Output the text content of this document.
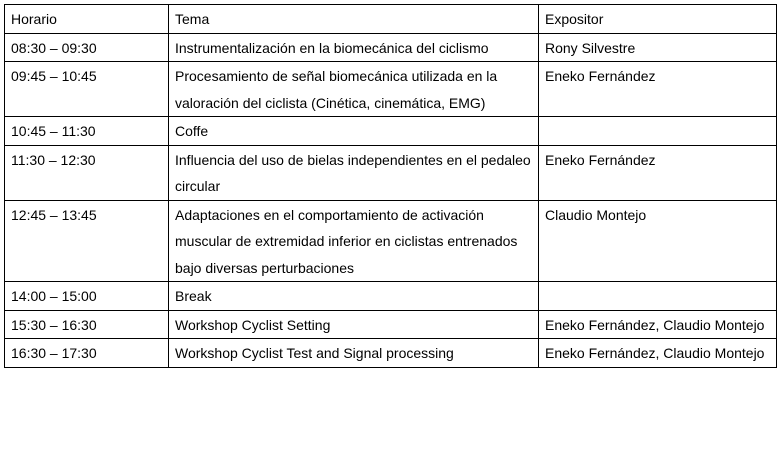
Horario	Tema	Expositor
08:30 – 09:30	Instrumentalización en la biomecánica del ciclismo	Rony Silvestre
09:45 – 10:45	Procesamiento de señal biomecánica utilizada en la valoración del ciclista (Cinética, cinemática, EMG)	Eneko Fernández
10:45 – 11:30	Coffe	
11:30 – 12:30	Influencia del uso de bielas independientes en el pedaleo circular	Eneko Fernández
12:45 – 13:45	Adaptaciones en el comportamiento de activación muscular de extremidad inferior en ciclistas entrenados bajo diversas perturbaciones	Claudio Montejo
14:00 – 15:00	Break	
15:30 – 16:30	Workshop Cyclist Setting	Eneko Fernández, Claudio Montejo
16:30 – 17:30	Workshop Cyclist Test and Signal processing	Eneko Fernández, Claudio Montejo
